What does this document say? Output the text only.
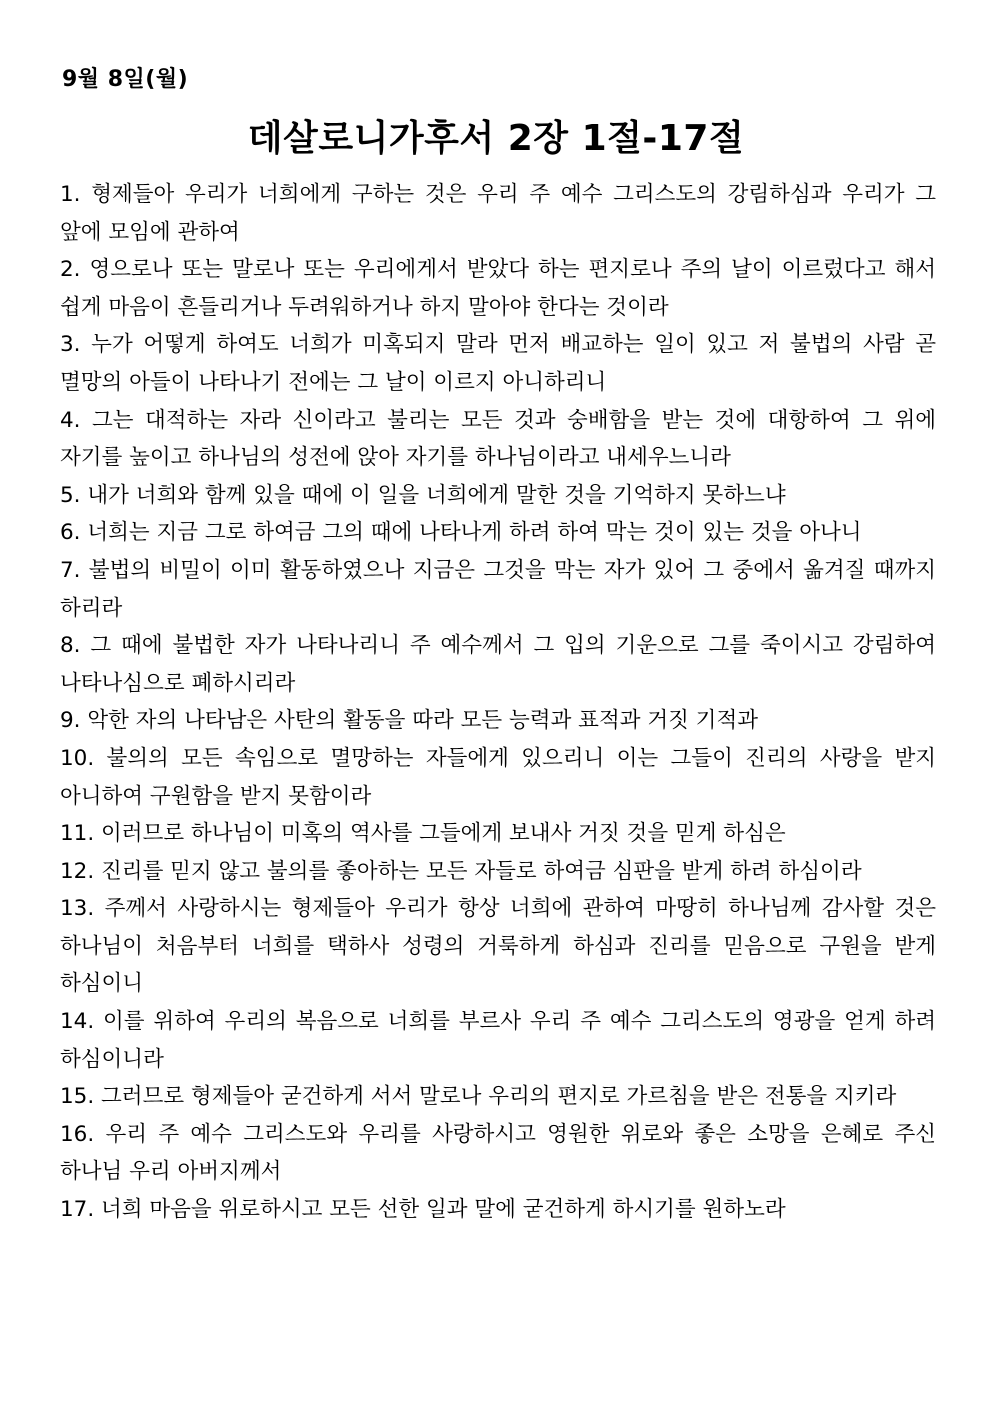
9월 8일(월)
데살로니가후서 2장 1절-17절
1. 형제들아 우리가 너희에게 구하는 것은 우리 주 예수 그리스도의 강림하심과 우리가 그 앞에 모임에 관하여
2. 영으로나 또는 말로나 또는 우리에게서 받았다 하는 편지로나 주의 날이 이르렀다고 해서 쉽게 마음이 흔들리거나 두려워하거나 하지 말아야 한다는 것이라
3. 누가 어떻게 하여도 너희가 미혹되지 말라 먼저 배교하는 일이 있고 저 불법의 사람 곧 멸망의 아들이 나타나기 전에는 그 날이 이르지 아니하리니
4. 그는 대적하는 자라 신이라고 불리는 모든 것과 숭배함을 받는 것에 대항하여 그 위에 자기를 높이고 하나님의 성전에 앉아 자기를 하나님이라고 내세우느니라
5. 내가 너희와 함께 있을 때에 이 일을 너희에게 말한 것을 기억하지 못하느냐
6. 너희는 지금 그로 하여금 그의 때에 나타나게 하려 하여 막는 것이 있는 것을 아나니
7. 불법의 비밀이 이미 활동하였으나 지금은 그것을 막는 자가 있어 그 중에서 옮겨질 때까지 하리라
8. 그 때에 불법한 자가 나타나리니 주 예수께서 그 입의 기운으로 그를 죽이시고 강림하여 나타나심으로 폐하시리라
9. 악한 자의 나타남은 사탄의 활동을 따라 모든 능력과 표적과 거짓 기적과
10. 불의의 모든 속임으로 멸망하는 자들에게 있으리니 이는 그들이 진리의 사랑을 받지 아니하여 구원함을 받지 못함이라
11. 이러므로 하나님이 미혹의 역사를 그들에게 보내사 거짓 것을 믿게 하심은
12. 진리를 믿지 않고 불의를 좋아하는 모든 자들로 하여금 심판을 받게 하려 하심이라
13. 주께서 사랑하시는 형제들아 우리가 항상 너희에 관하여 마땅히 하나님께 감사할 것은 하나님이 처음부터 너희를 택하사 성령의 거룩하게 하심과 진리를 믿음으로 구원을 받게 하심이니
14. 이를 위하여 우리의 복음으로 너희를 부르사 우리 주 예수 그리스도의 영광을 얻게 하려 하심이니라
15. 그러므로 형제들아 굳건하게 서서 말로나 우리의 편지로 가르침을 받은 전통을 지키라
16. 우리 주 예수 그리스도와 우리를 사랑하시고 영원한 위로와 좋은 소망을 은혜로 주신 하나님 우리 아버지께서
17. 너희 마음을 위로하시고 모든 선한 일과 말에 굳건하게 하시기를 원하노라
